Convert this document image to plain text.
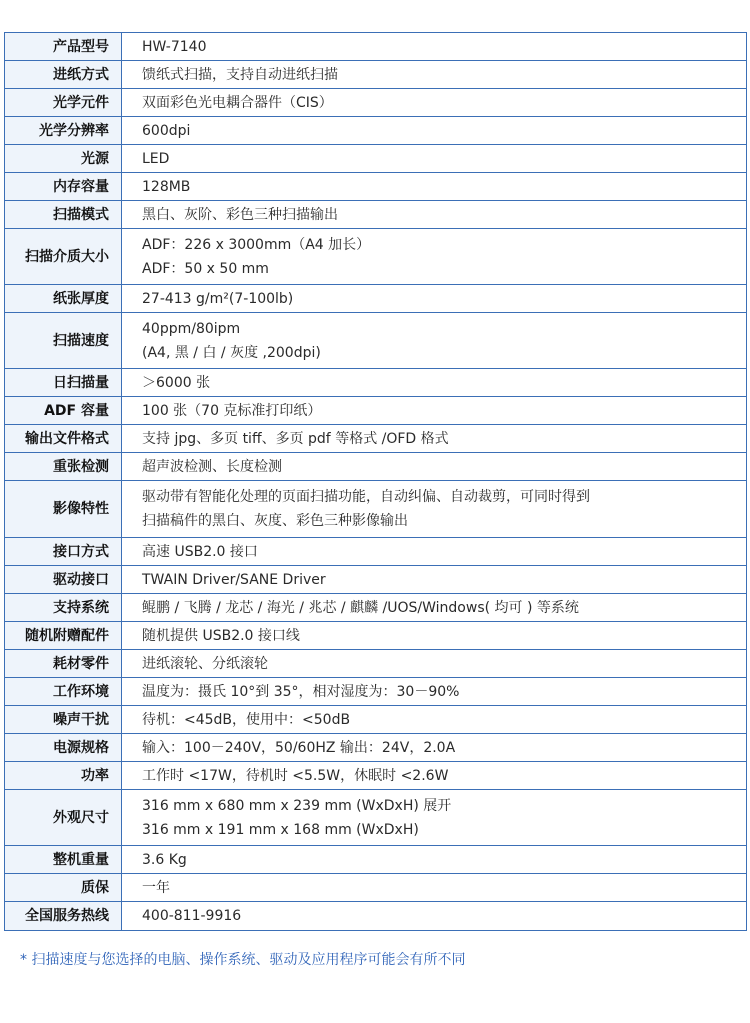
产品型号	HW-7140

进纸方式	馈纸式扫描，支持自动进纸扫描

光学元件	双面彩色光电耦合器件（CIS）

光学分辨率	600dpi

光源	LED

内存容量	128MB

扫描模式	黑白、灰阶、彩色三种扫描输出

扫描介质大小	ADF：226 x 3000mm（A4 加长）
ADF：50 x 50 mm

纸张厚度	27-413 g/m²(7-100lb)

扫描速度	40ppm/80ipm
(A4, 黑 / 白 / 灰度 ,200dpi)

日扫描量	＞6000 张

ADF 容量	100 张（70 克标准打印纸）

输出文件格式	支持 jpg、多页 tiff、多页 pdf 等格式 /OFD 格式

重张检测	超声波检测、长度检测

影像特性	驱动带有智能化处理的页面扫描功能，自动纠偏、自动裁剪，可同时得到
扫描稿件的黑白、灰度、彩色三种影像输出

接口方式	高速 USB2.0 接口

驱动接口	TWAIN Driver/SANE Driver

支持系统	鲲鹏 / 飞腾 / 龙芯 / 海光 / 兆芯 / 麒麟 /UOS/Windows( 均可 ) 等系统

随机附赠配件	随机提供 USB2.0 接口线

耗材零件	进纸滚轮、分纸滚轮

工作环境	温度为：摄氏 10°到 35°，相对湿度为：30－90%

噪声干扰	待机：<45dB，使用中：<50dB

电源规格	输入：100－240V，50/60HZ 输出：24V，2.0A

功率	工作时 <17W，待机时 <5.5W，休眠时 <2.6W

外观尺寸	316 mm x 680 mm x 239 mm (WxDxH) 展开
316 mm x 191 mm x 168 mm (WxDxH)

整机重量	3.6 Kg

质保	一年

全国服务热线	400-811-9916
* 扫描速度与您选择的电脑、操作系统、驱动及应用程序可能会有所不同
